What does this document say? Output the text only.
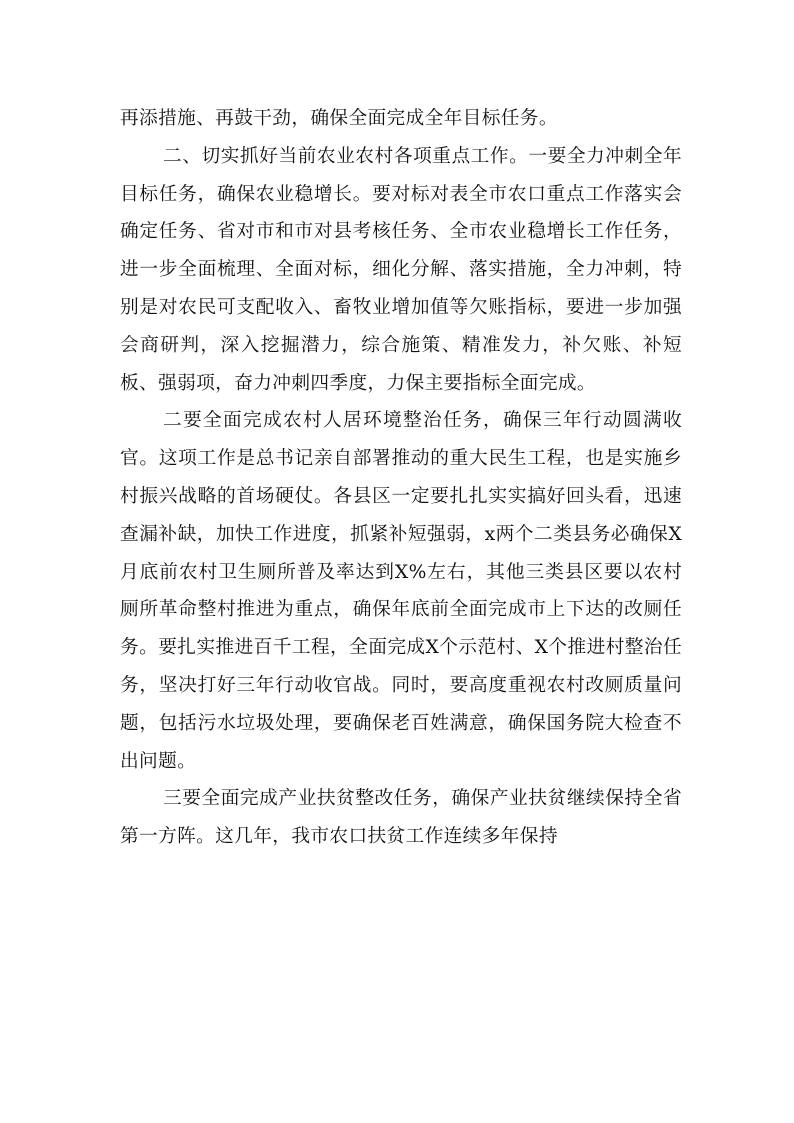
再添措施、再鼓干劲，确保全面完成全年目标任务。

二、切实抓好当前农业农村各项重点工作。一要全力冲刺全年目标任务，确保农业稳增长。要对标对表全市农口重点工作落实会确定任务、省对市和市对县考核任务、全市农业稳增长工作任务，进一步全面梳理、全面对标，细化分解、落实措施，全力冲刺，特别是对农民可支配收入、畜牧业增加值等欠账指标，要进一步加强会商研判，深入挖掘潜力，综合施策、精准发力，补欠账、补短板、强弱项，奋力冲刺四季度，力保主要指标全面完成。

二要全面完成农村人居环境整治任务，确保三年行动圆满收官。这项工作是总书记亲自部署推动的重大民生工程，也是实施乡村振兴战略的首场硬仗。各县区一定要扎扎实实搞好回头看，迅速查漏补缺，加快工作进度，抓紧补短强弱，x两个二类县务必确保X月底前农村卫生厕所普及率达到X%左右，其他三类县区要以农村厕所革命整村推进为重点，确保年底前全面完成市上下达的改厕任务。要扎实推进百千工程，全面完成X个示范村、X个推进村整治任务，坚决打好三年行动收官战。同时，要高度重视农村改厕质量问题，包括污水垃圾处理，要确保老百姓满意，确保国务院大检查不出问题。

三要全面完成产业扶贫整改任务，确保产业扶贫继续保持全省第一方阵。这几年，我市农口扶贫工作连续多年保持
